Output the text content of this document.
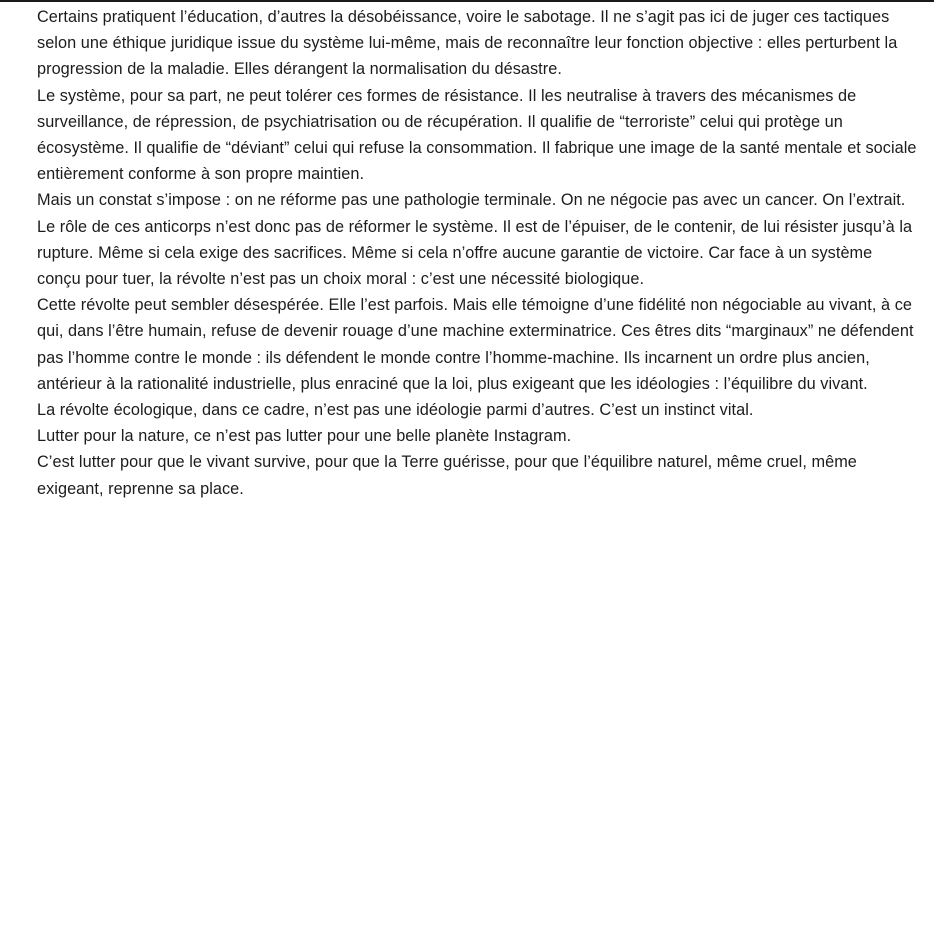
Certains pratiquent l’éducation, d’autres la désobéissance, voire le sabotage. Il ne s’agit pas ici de juger ces tactiques selon une éthique juridique issue du système lui-même, mais de reconnaître leur fonction objective : elles perturbent la progression de la maladie. Elles dérangent la normalisation du désastre.

Le système, pour sa part, ne peut tolérer ces formes de résistance. Il les neutralise à travers des mécanismes de surveillance, de répression, de psychiatrisation ou de récupération. Il qualifie de “terroriste” celui qui protège un écosystème. Il qualifie de “déviant” celui qui refuse la consommation. Il fabrique une image de la santé mentale et sociale entièrement conforme à son propre maintien.

Mais un constat s’impose : on ne réforme pas une pathologie terminale. On ne négocie pas avec un cancer. On l’extrait.

Le rôle de ces anticorps n’est donc pas de réformer le système. Il est de l’épuiser, de le contenir, de lui résister jusqu’à la rupture. Même si cela exige des sacrifices. Même si cela n’offre aucune garantie de victoire. Car face à un système conçu pour tuer, la révolte n’est pas un choix moral : c’est une nécessité biologique.

Cette révolte peut sembler désespérée. Elle l’est parfois. Mais elle témoigne d’une fidélité non négociable au vivant, à ce qui, dans l’être humain, refuse de devenir rouage d’une machine exterminatrice. Ces êtres dits “marginaux” ne défendent pas l’homme contre le monde : ils défendent le monde contre l’homme-machine. Ils incarnent un ordre plus ancien, antérieur à la rationalité industrielle, plus enraciné que la loi, plus exigeant que les idéologies : l’équilibre du vivant.

La révolte écologique, dans ce cadre, n’est pas une idéologie parmi d’autres. C’est un instinct vital.

Lutter pour la nature, ce n’est pas lutter pour une belle planète Instagram.

C’est lutter pour que le vivant survive, pour que la Terre guérisse, pour que l’équilibre naturel, même cruel, même exigeant, reprenne sa place.
